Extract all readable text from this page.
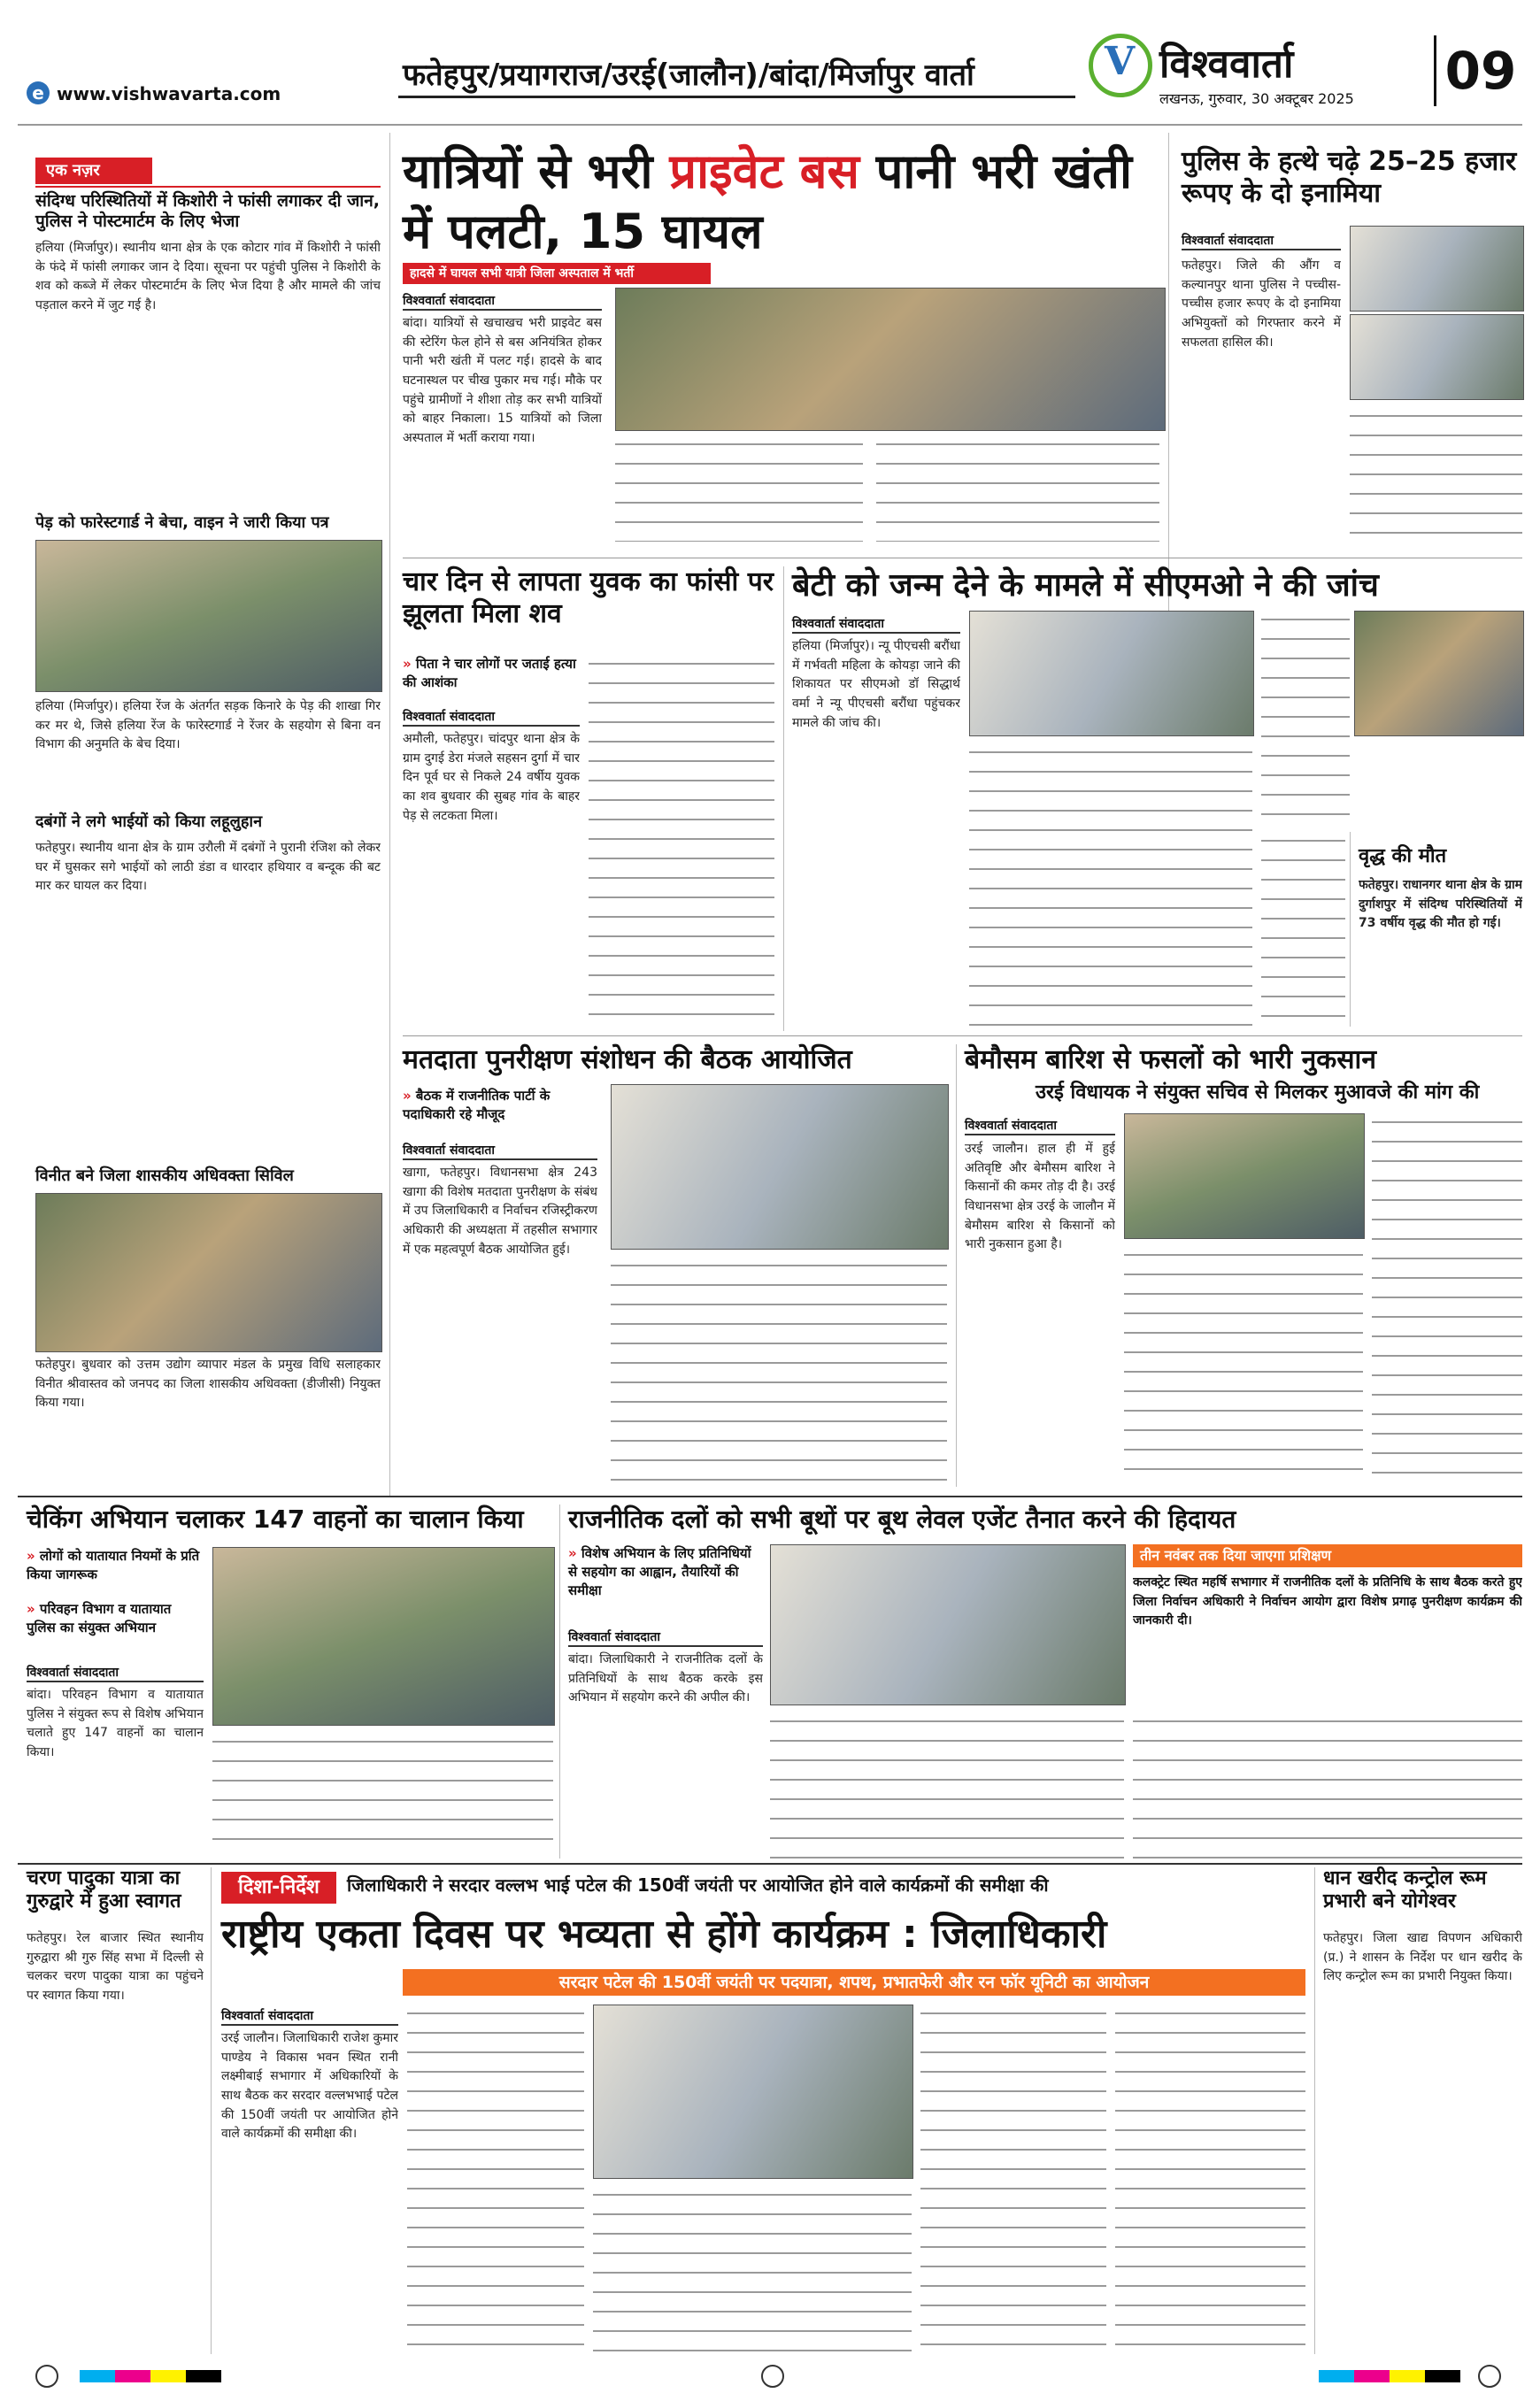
e www.vishwavarta.com
फतेहपुर/प्रयागराज/उरई(जालौन)/बांदा/मिर्जापुर वार्ता	V विश्ववार्ता
लखनऊ, गुरुवार, 30 अक्टूबर 2025 09
एक नज़र
संदिग्ध परिस्थितियों में किशोरी ने फांसी लगाकर दी जान, पुलिस ने पोस्टमार्टम के लिए भेजा
हलिया (मिर्जापुर)। स्थानीय थाना क्षेत्र के एक कोटार गांव में किशोरी ने फांसी के फंदे में फांसी लगाकर जान दे दिया। सूचना पर पहुंची पुलिस ने किशोरी के शव को कब्जे में लेकर पोस्टमार्टम के लिए भेज दिया है और मामले की जांच पड़ताल करने में जुट गई है।
पेड़ को फारेस्टगार्ड ने बेचा, वाइन ने जारी किया पत्र
हलिया (मिर्जापुर)। हलिया रेंज के अंतर्गत सड़क किनारे के पेड़ की शाखा गिर कर मर थे, जिसे हलिया रेंज के फारेस्टगार्ड ने रेंजर के सहयोग से बिना वन विभाग की अनुमति के बेच दिया।
दबंगों ने लगे भाईयों को किया लहूलुहान
फतेहपुर। स्थानीय थाना क्षेत्र के ग्राम उरौली में दबंगों ने पुरानी रंजिश को लेकर घर में घुसकर सगे भाईयों को लाठी डंडा व धारदार हथियार व बन्दूक की बट मार कर घायल कर दिया।
विनीत बने जिला शासकीय अधिवक्ता सिविल
फतेहपुर। बुधवार को उत्तम उद्योग व्यापार मंडल के प्रमुख विधि सलाहकार विनीत श्रीवास्तव को जनपद का जिला शासकीय अधिवक्ता (डीजीसी) नियुक्त किया गया।
यात्रियों से भरी प्राइवेट बस पानी भरी खंती में पलटी, 15 घायल
हादसे में घायल सभी यात्री जिला अस्पताल में भर्ती
विश्ववार्ता संवाददाता
बांदा। यात्रियों से खचाखच भरी प्राइवेट बस की स्टेरिंग फेल होने से बस अनियंत्रित होकर पानी भरी खंती में पलट गई। हादसे के बाद घटनास्थल पर चीख पुकार मच गई। मौके पर पहुंचे ग्रामीणों ने शीशा तोड़ कर सभी यात्रियों को बाहर निकाला। 15 यात्रियों को जिला अस्पताल में भर्ती कराया गया।
पुलिस के हत्थे चढ़े 25–25 हजार रूपए के दो इनामिया
विश्ववार्ता संवाददाता
फतेहपुर। जिले की औंग व कल्यानपुर थाना पुलिस ने पच्चीस-पच्चीस हजार रूपए के दो इनामिया अभियुक्तों को गिरफ्तार करने में सफलता हासिल की।
चार दिन से लापता युवक का फांसी पर झूलता मिला शव
» पिता ने चार लोगों पर जताई हत्या की आशंका
विश्ववार्ता संवाददाता
अमौली, फतेहपुर। चांदपुर थाना क्षेत्र के ग्राम दुगई डेरा मंजले सहसन दुर्गा में चार दिन पूर्व घर से निकले 24 वर्षीय युवक का शव बुधवार की सुबह गांव के बाहर पेड़ से लटकता मिला।
बेटी को जन्म देने के मामले में सीएमओ ने की जांच
विश्ववार्ता संवाददाता
हलिया (मिर्जापुर)। न्यू पीएचसी बरौंधा में गर्भवती महिला के कोयड़ा जाने की शिकायत पर सीएमओ डॉ सिद्धार्थ वर्मा ने न्यू पीएचसी बरौंधा पहुंचकर मामले की जांच की।
वृद्ध की मौत
फतेहपुर। राधानगर थाना क्षेत्र के ग्राम दुर्गाशपुर में संदिग्ध परिस्थितियों में 73 वर्षीय वृद्ध की मौत हो गई।
मतदाता पुनरीक्षण संशोधन की बैठक आयोजित
» बैठक में राजनीतिक पार्टी के पदाधिकारी रहे मौजूद
विश्ववार्ता संवाददाता
खागा, फतेहपुर। विधानसभा क्षेत्र 243 खागा की विशेष मतदाता पुनरीक्षण के संबंध में उप जिलाधिकारी व निर्वाचन रजिस्ट्रीकरण अधिकारी की अध्यक्षता में तहसील सभागार में एक महत्वपूर्ण बैठक आयोजित हुई।
बेमौसम बारिश से फसलों को भारी नुकसान
उरई विधायक ने संयुक्त सचिव से मिलकर मुआवजे की मांग की
विश्ववार्ता संवाददाता
उरई जालौन। हाल ही में हुई अतिवृष्टि और बेमौसम बारिश ने किसानों की कमर तोड़ दी है। उरई विधानसभा क्षेत्र उरई के जालौन में बेमौसम बारिश से किसानों को भारी नुकसान हुआ है।
चेकिंग अभियान चलाकर 147 वाहनों का चालान किया
» लोगों को यातायात नियमों के प्रति किया जागरूक
» परिवहन विभाग व यातायात पुलिस का संयुक्त अभियान
विश्ववार्ता संवाददाता
बांदा। परिवहन विभाग व यातायात पुलिस ने संयुक्त रूप से विशेष अभियान चलाते हुए 147 वाहनों का चालान किया।
राजनीतिक दलों को सभी बूथों पर बूथ लेवल एजेंट तैनात करने की हिदायत
» विशेष अभियान के लिए प्रतिनिधियों से सहयोग का आह्वान, तैयारियों की समीक्षा
विश्ववार्ता संवाददाता
बांदा। जिलाधिकारी ने राजनीतिक दलों के प्रतिनिधियों के साथ बैठक करके इस अभियान में सहयोग करने की अपील की।
तीन नवंबर तक दिया जाएगा प्रशिक्षण
कलक्ट्रेट स्थित महर्षि सभागार में राजनीतिक दलों के प्रतिनिधि के साथ बैठक करते हुए जिला निर्वाचन अधिकारी ने निर्वाचन आयोग द्वारा विशेष प्रगाढ़ पुनरीक्षण कार्यक्रम की जानकारी दी।
चरण पादुका यात्रा का गुरुद्वारे में हुआ स्वागत
फतेहपुर। रेल बाजार स्थित स्थानीय गुरुद्वारा श्री गुरु सिंह सभा में दिल्ली से चलकर चरण पादुका यात्रा का पहुंचने पर स्वागत किया गया।
दिशा-निर्देश	जिलाधिकारी ने सरदार वल्लभ भाई पटेल की 150वीं जयंती पर आयोजित होने वाले कार्यक्रमों की समीक्षा की
राष्ट्रीय एकता दिवस पर भव्यता से होंगे कार्यक्रम : जिलाधिकारी
सरदार पटेल की 150वीं जयंती पर पदयात्रा, शपथ, प्रभातफेरी और रन फॉर यूनिटी का आयोजन
विश्ववार्ता संवाददाता
उरई जालौन। जिलाधिकारी राजेश कुमार पाण्डेय ने विकास भवन स्थित रानी लक्ष्मीबाई सभागार में अधिकारियों के साथ बैठक कर सरदार वल्लभभाई पटेल की 150वीं जयंती पर आयोजित होने वाले कार्यक्रमों की समीक्षा की।
धान खरीद कन्ट्रोल रूम प्रभारी बने योगेश्वर
फतेहपुर। जिला खाद्य विपणन अधिकारी (प्र.) ने शासन के निर्देश पर धान खरीद के लिए कन्ट्रोल रूम का प्रभारी नियुक्त किया।
